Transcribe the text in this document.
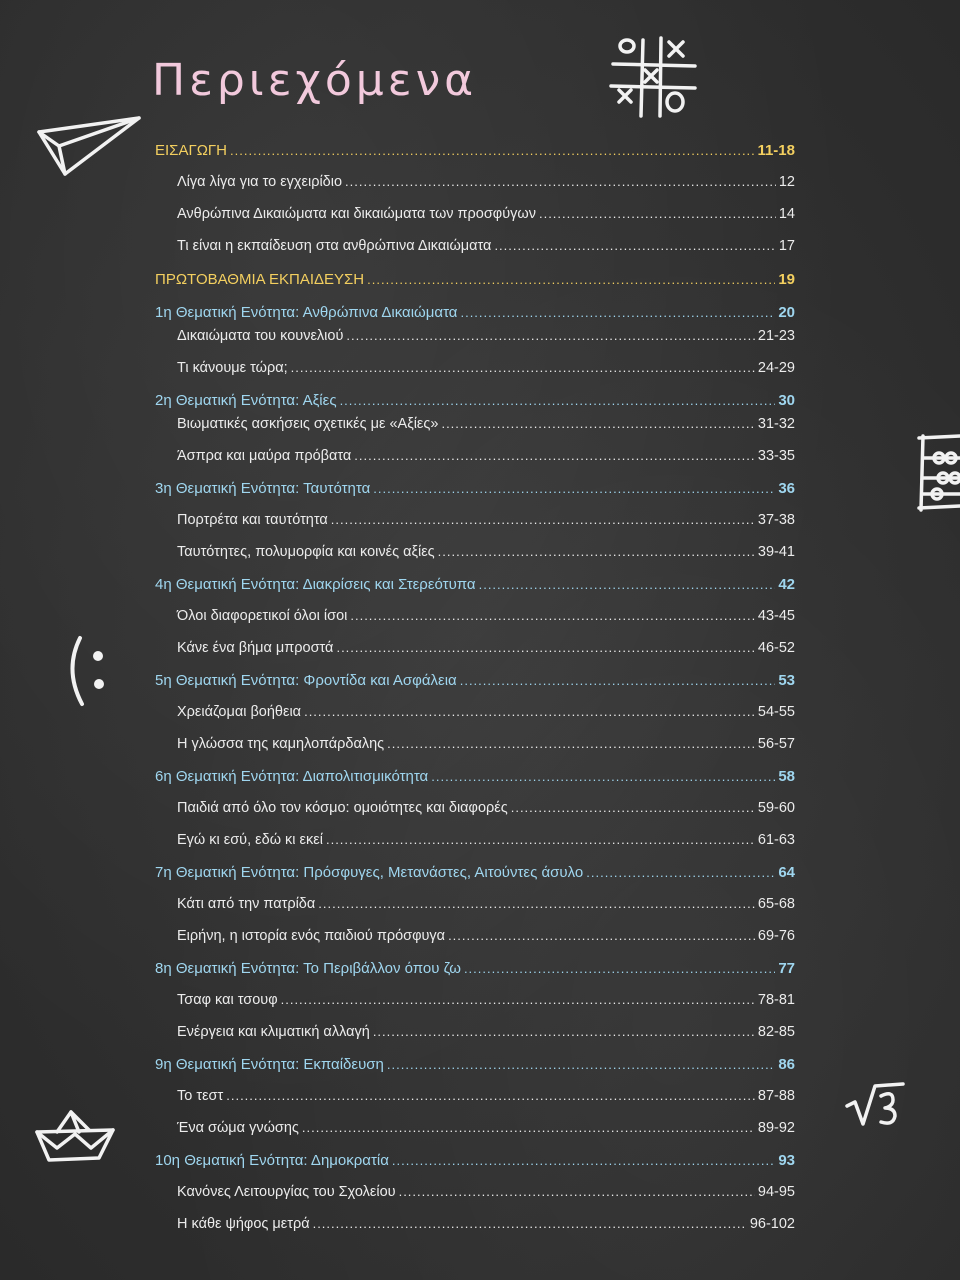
Περιεχόμενα
ΕΙΣΑΓΩΓΗ .....	11-18
Λίγα λίγα για το εγχειρίδιο .....	12
Ανθρώπινα Δικαιώματα και δικαιώματα των προσφύγων .....	14
Τι είναι η εκπαίδευση στα ανθρώπινα Δικαιώματα .....	17
ΠΡΩΤΟΒΑΘΜΙΑ ΕΚΠΑΙΔΕΥΣΗ .....	19
1η Θεματική Ενότητα: Ανθρώπινα Δικαιώματα .....	20
Δικαιώματα του κουνελιού .....	21-23
Τι κάνουμε τώρα; .....	24-29
2η Θεματική Ενότητα: Αξίες .....	30
Βιωματικές ασκήσεις σχετικές με «Αξίες» .....	31-32
Άσπρα και μαύρα πρόβατα .....	33-35
3η Θεματική Ενότητα: Ταυτότητα .....	36
Πορτρέτα και ταυτότητα .....	37-38
Ταυτότητες, πολυμορφία και κοινές αξίες .....	39-41
4η Θεματική Ενότητα: Διακρίσεις και Στερεότυπα .....	42
Όλοι διαφορετικοί όλοι ίσοι .....	43-45
Κάνε ένα βήμα μπροστά .....	46-52
5η Θεματική Ενότητα: Φροντίδα και Ασφάλεια .....	53
Χρειάζομαι βοήθεια .....	54-55
Η γλώσσα της καμηλοπάρδαλης .....	56-57
6η Θεματική Ενότητα: Διαπολιτισμικότητα .....	58
Παιδιά από όλο τον κόσμο: ομοιότητες και διαφορές .....	59-60
Εγώ κι εσύ, εδώ κι εκεί .....	61-63
7η Θεματική Ενότητα: Πρόσφυγες, Μετανάστες, Αιτούντες άσυλο .....	64
Κάτι από την πατρίδα .....	65-68
Ειρήνη, η ιστορία ενός παιδιού πρόσφυγα .....	69-76
8η Θεματική Ενότητα: Το Περιβάλλον όπου ζω .....	77
Τσαφ και τσουφ .....	78-81
Ενέργεια και κλιματική αλλαγή .....	82-85
9η Θεματική Ενότητα: Εκπαίδευση .....	86
Το τεστ .....	87-88
Ένα σώμα γνώσης .....	89-92
10η Θεματική Ενότητα: Δημοκρατία .....	93
Κανόνες Λειτουργίας του Σχολείου .....	94-95
Η κάθε ψήφος μετρά .....	96-102
